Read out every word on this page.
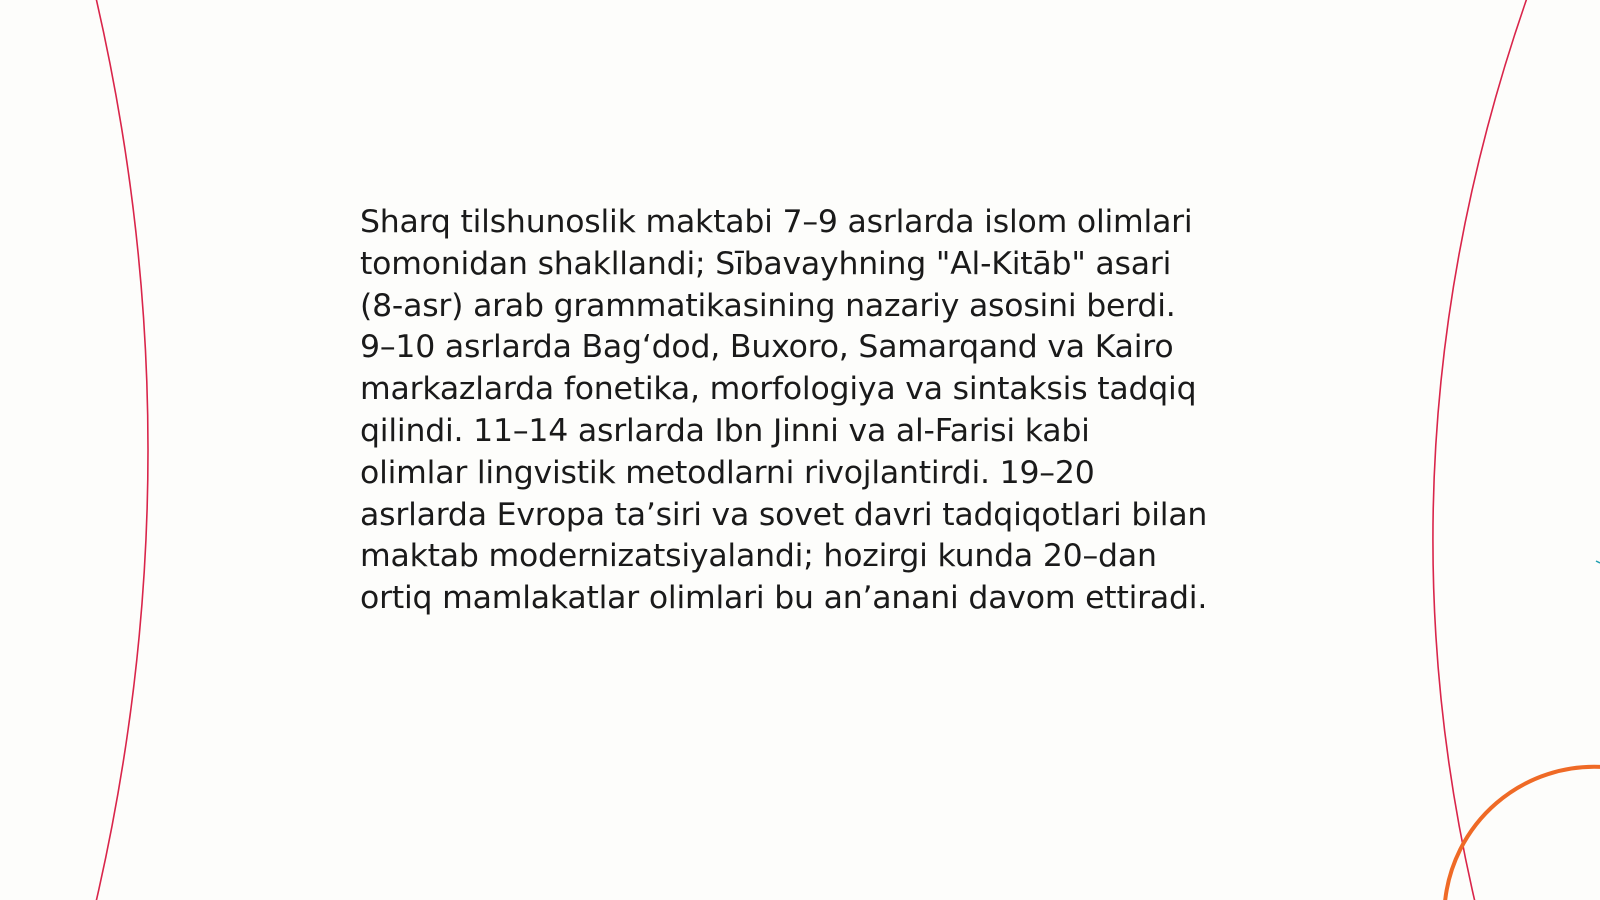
Sharq tilshunoslik maktabi 7–9 asrlarda islom olimlari
tomonidan shakllandi; Sībavayhning "Al-Kitāb" asari
(8-asr) arab grammatikasining nazariy asosini berdi.
9–10 asrlarda Bag‘dod, Buxoro, Samarqand va Kairo
markazlarda fonetika, morfologiya va sintaksis tadqiq
qilindi. 11–14 asrlarda Ibn Jinni va al-Farisi kabi
olimlar lingvistik metodlarni rivojlantirdi. 19–20
asrlarda Evropa ta’siri va sovet davri tadqiqotlari bilan
maktab modernizatsiyalandi; hozirgi kunda 20–dan
ortiq mamlakatlar olimlari bu an’anani davom ettiradi.
